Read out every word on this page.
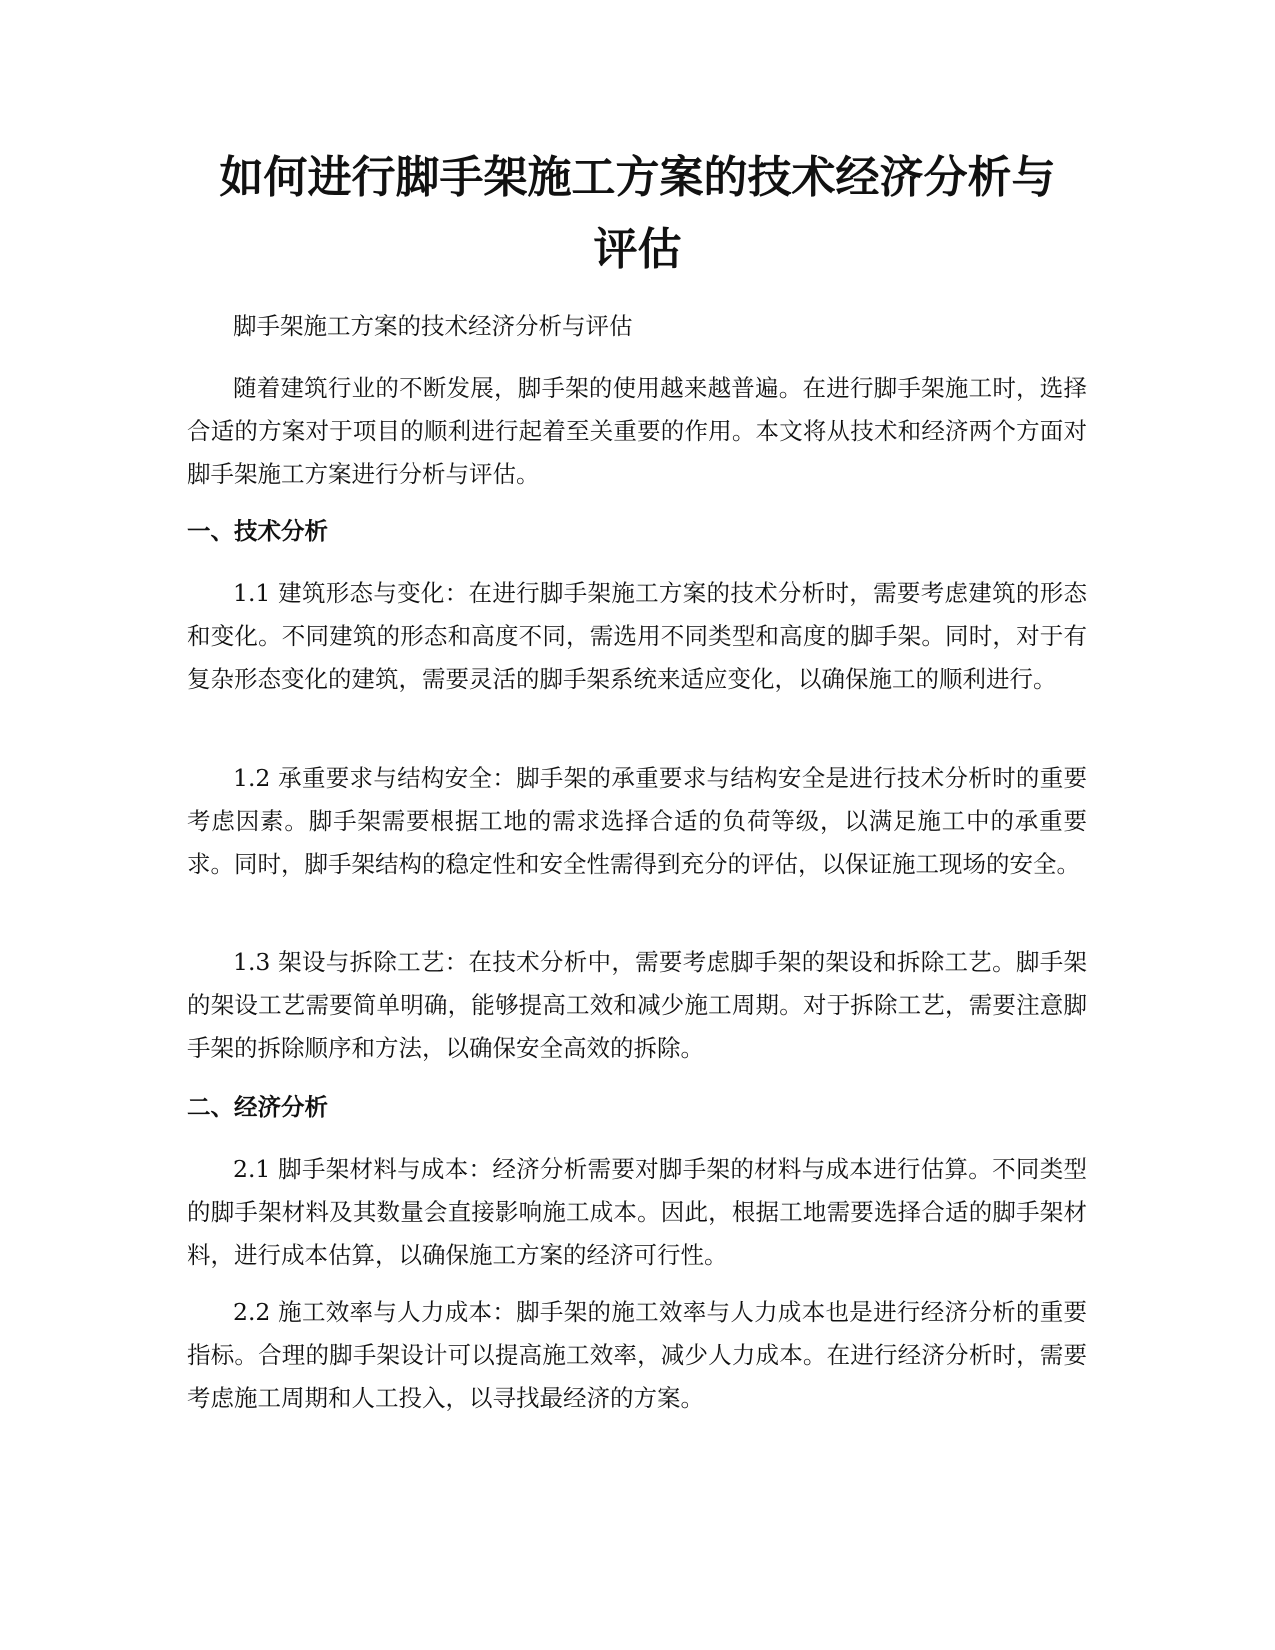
如何进行脚手架施工方案的技术经济分析与
评估

脚手架施工方案的技术经济分析与评估

随着建筑行业的不断发展，脚手架的使用越来越普遍。在进行脚手架施工时，选择合适的方案对于项目的顺利进行起着至关重要的作用。本文将从技术和经济两个方面对脚手架施工方案进行分析与评估。

一、技术分析

1.1 建筑形态与变化：在进行脚手架施工方案的技术分析时，需要考虑建筑的形态和变化。不同建筑的形态和高度不同，需选用不同类型和高度的脚手架。同时，对于有复杂形态变化的建筑，需要灵活的脚手架系统来适应变化，以确保施工的顺利进行。

1.2 承重要求与结构安全：脚手架的承重要求与结构安全是进行技术分析时的重要考虑因素。脚手架需要根据工地的需求选择合适的负荷等级，以满足施工中的承重要求。同时，脚手架结构的稳定性和安全性需得到充分的评估，以保证施工现场的安全。

1.3 架设与拆除工艺：在技术分析中，需要考虑脚手架的架设和拆除工艺。脚手架的架设工艺需要简单明确，能够提高工效和减少施工周期。对于拆除工艺，需要注意脚手架的拆除顺序和方法，以确保安全高效的拆除。

二、经济分析

2.1 脚手架材料与成本：经济分析需要对脚手架的材料与成本进行估算。不同类型的脚手架材料及其数量会直接影响施工成本。因此，根据工地需要选择合适的脚手架材料，进行成本估算，以确保施工方案的经济可行性。

2.2 施工效率与人力成本：脚手架的施工效率与人力成本也是进行经济分析的重要指标。合理的脚手架设计可以提高施工效率，减少人力成本。在进行经济分析时，需要考虑施工周期和人工投入，以寻找最经济的方案。
